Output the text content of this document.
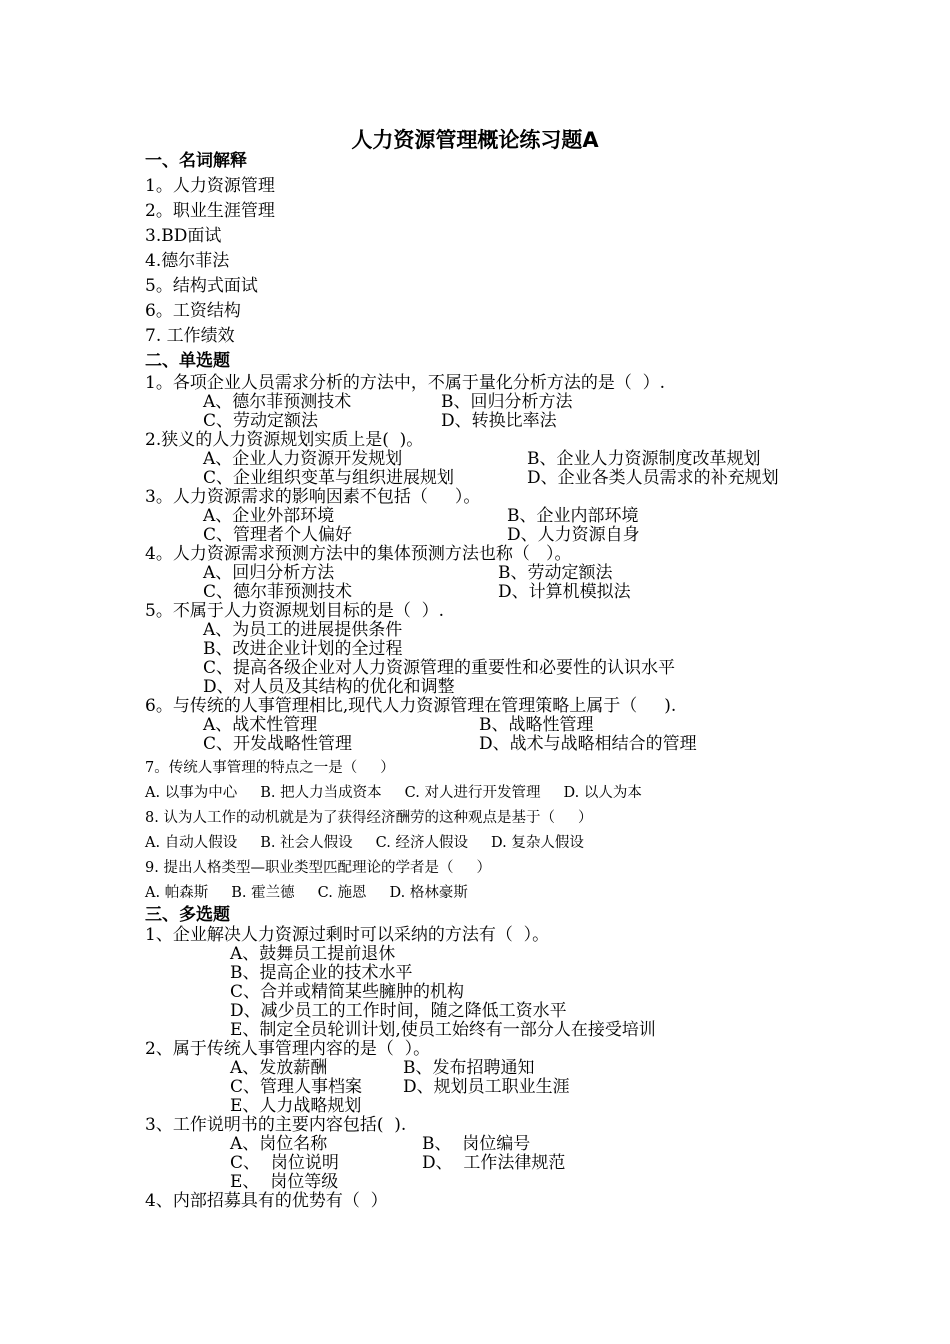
人力资源管理概论练习题A
一、名词解释
1。人力资源管理
2。职业生涯管理
3.BD面试
4.德尔菲法
5。结构式面试
6。工资结构
7. 工作绩效
二、单选题
1。各项企业人员需求分析的方法中，不属于量化分析方法的是（  ）.
A、德尔菲预测技术	B、回归分析方法
C、劳动定额法	D、转换比率法
2.狭义的人力资源规划实质上是(  )。
A、企业人力资源开发规划	B、企业人力资源制度改革规划
C、企业组织变革与组织进展规划	D、企业各类人员需求的补充规划
3。人力资源需求的影响因素不包括（     ）。
A、企业外部环境	B、企业内部环境
C、管理者个人偏好	D、人力资源自身
4。人力资源需求预测方法中的集体预测方法也称（   ）。
A、回归分析方法	B、劳动定额法
C、德尔菲预测技术	D、计算机模拟法
5。不属于人力资源规划目标的是（  ）.
A、为员工的进展提供条件
B、改进企业计划的全过程
C、提高各级企业对人力资源管理的重要性和必要性的认识水平
D、对人员及其结构的优化和调整
6。与传统的人事管理相比,现代人力资源管理在管理策略上属于（     ).
A、战术性管理	B、战略性管理
C、开发战略性管理	D、战术与战略相结合的管理
7。传统人事管理的特点之一是（     ）
A. 以事为中心     B. 把人力当成资本     C. 对人进行开发管理     D. 以人为本
8. 认为人工作的动机就是为了获得经济酬劳的这种观点是基于（     ）
A. 自动人假设     B. 社会人假设     C. 经济人假设     D. 复杂人假设
9. 提出人格类型—职业类型匹配理论的学者是（     ）
A. 帕森斯     B. 霍兰德     C. 施恩     D. 格林豪斯
三、多选题
1、企业解决人力资源过剩时可以采纳的方法有（  ）。
A、鼓舞员工提前退休
B、提高企业的技术水平
C、合并或精简某些臃肿的机构
D、减少员工的工作时间，随之降低工资水平
E、制定全员轮训计划,使员工始终有一部分人在接受培训
2、属于传统人事管理内容的是（  ）。
A、发放薪酬	B、发布招聘通知
C、管理人事档案 D、规划员工职业生涯
E、人力战略规划
3、工作说明书的主要内容包括(  ).
A、岗位名称	B、  岗位编号
C、  岗位说明	D、  工作法律规范
E、  岗位等级
4、内部招募具有的优势有（  ）
